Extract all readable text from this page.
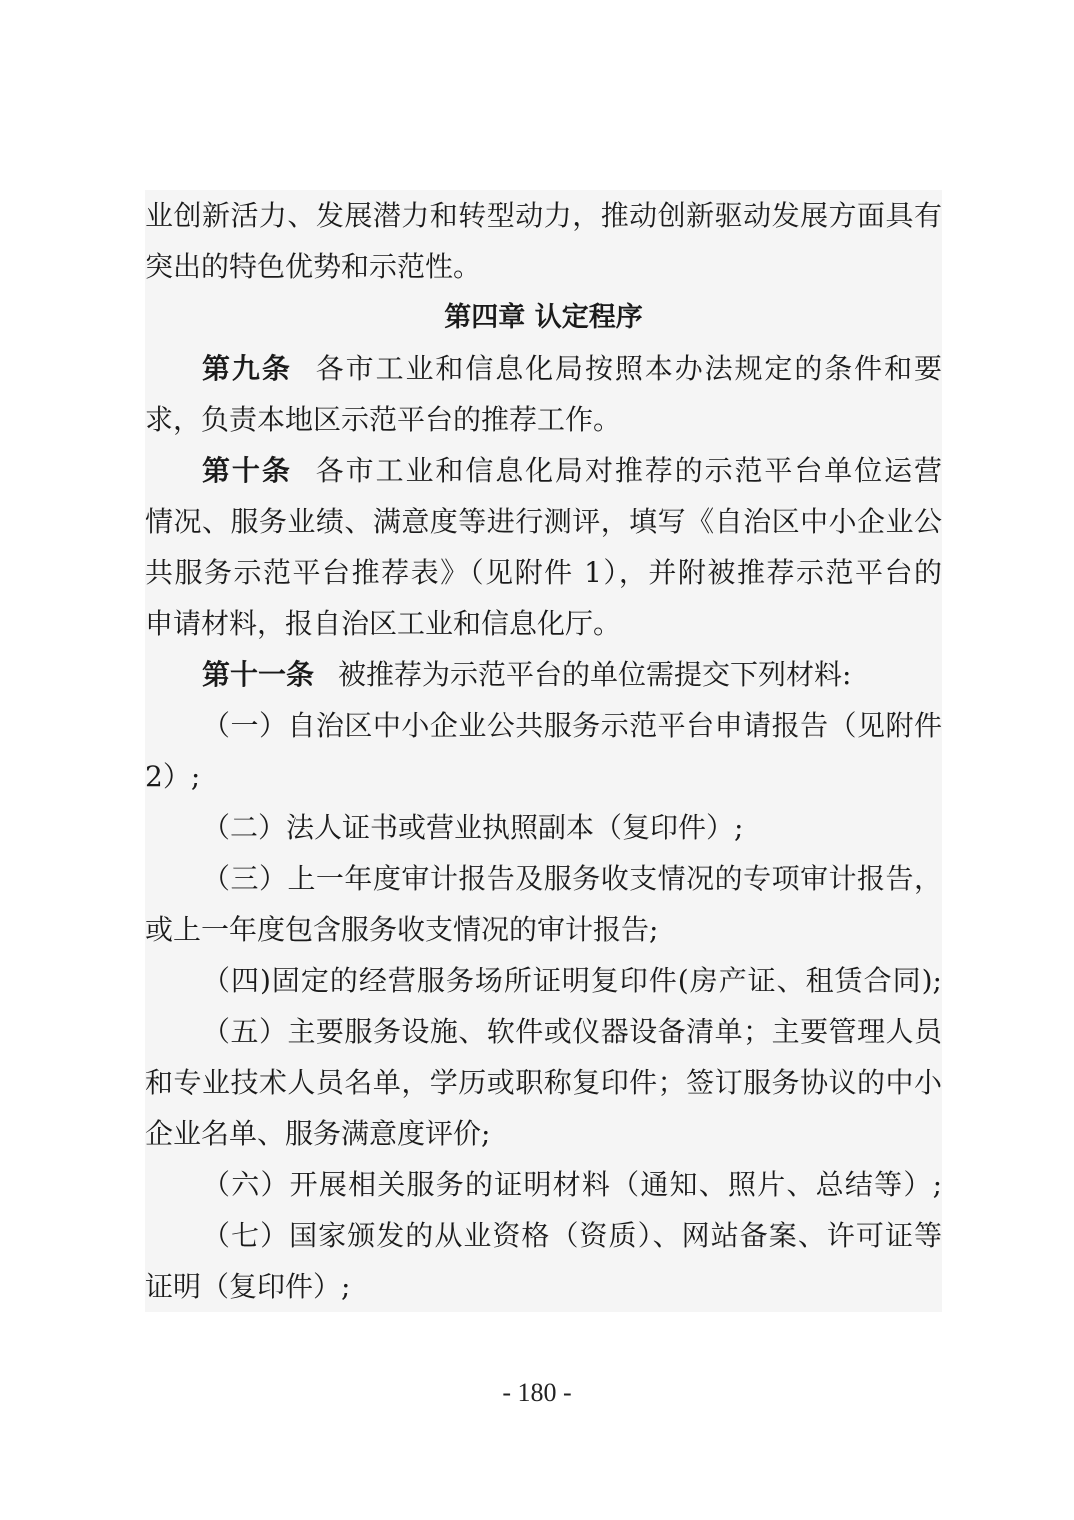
业创新活力、发展潜力和转型动力，推动创新驱动发展方面具有
突出的特色优势和示范性。
第四章 认定程序
第九条 各市工业和信息化局按照本办法规定的条件和要
求，负责本地区示范平台的推荐工作。
第十条 各市工业和信息化局对推荐的示范平台单位运营
情况、服务业绩、满意度等进行测评，填写《自治区中小企业公
共服务示范平台推荐表》（见附件 1），并附被推荐示范平台的
申请材料，报自治区工业和信息化厅。
第十一条 被推荐为示范平台的单位需提交下列材料:
（一）自治区中小企业公共服务示范平台申请报告（见附件
2）;
（二）法人证书或营业执照副本（复印件）;
（三）上一年度审计报告及服务收支情况的专项审计报告，
或上一年度包含服务收支情况的审计报告;
（四)固定的经营服务场所证明复印件(房产证、租赁合同);
（五）主要服务设施、软件或仪器设备清单；主要管理人员
和专业技术人员名单，学历或职称复印件；签订服务协议的中小
企业名单、服务满意度评价;
（六）开展相关服务的证明材料（通知、照片、总结等）;
（七）国家颁发的从业资格（资质）、网站备案、许可证等
证明（复印件）;
- 180 -
